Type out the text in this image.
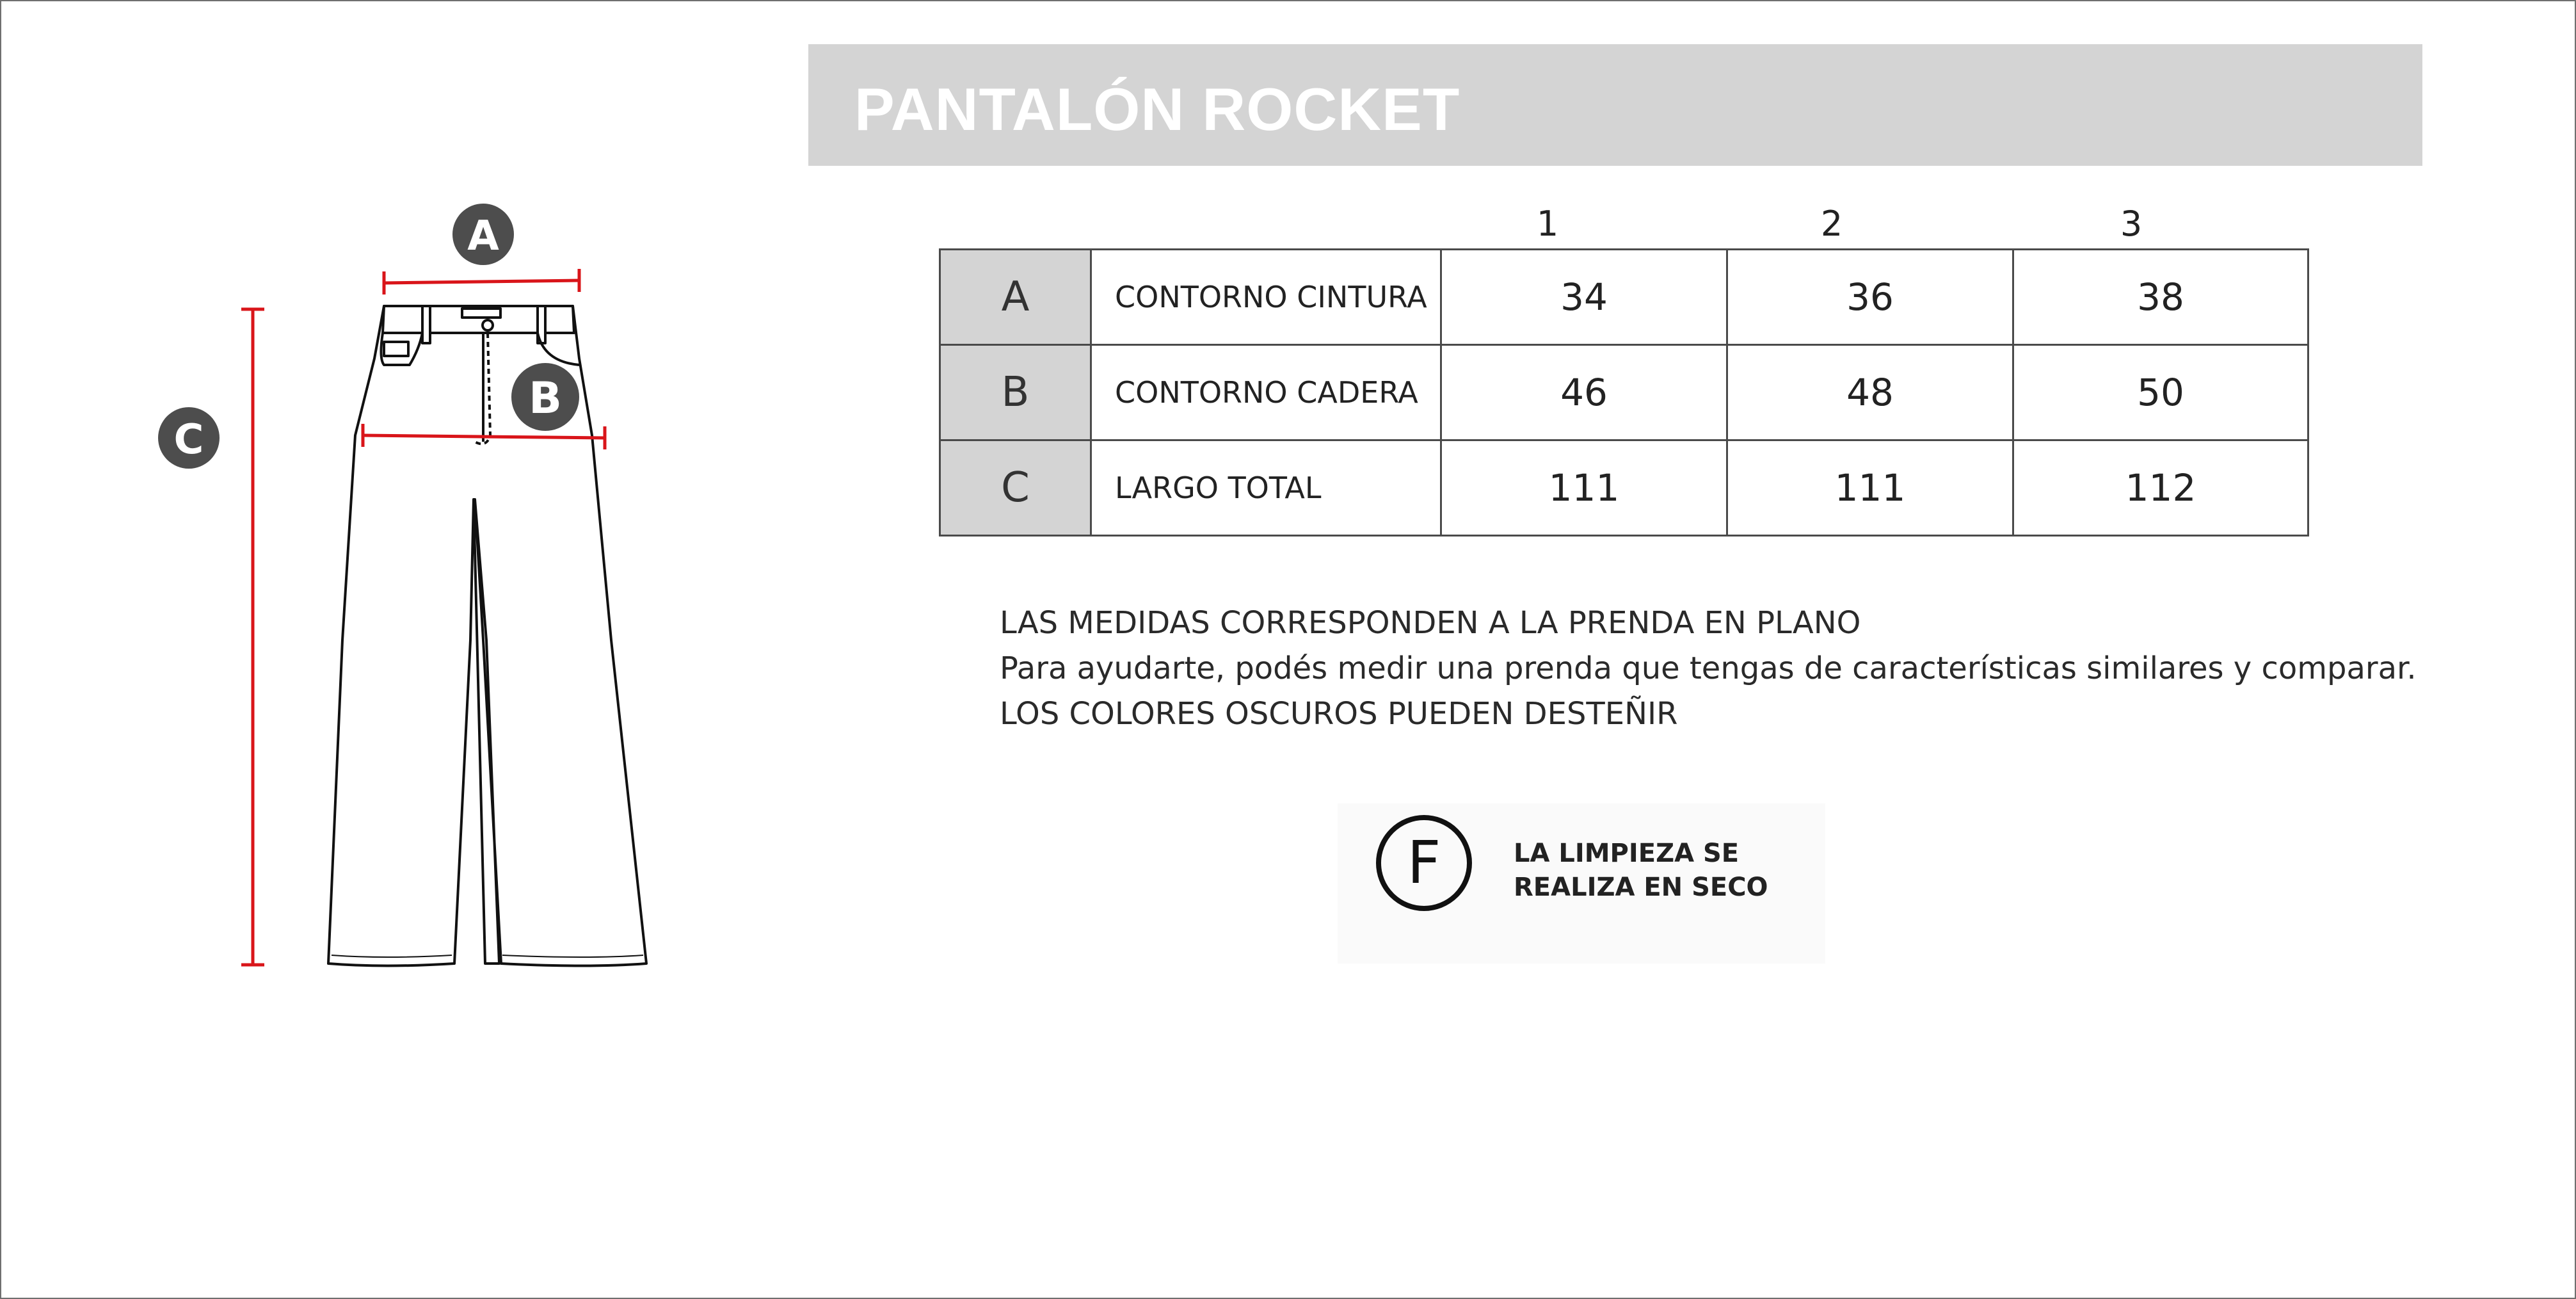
PANTALÓN ROCKET
A
B
C
1	2	3
A	CONTORNO CINTURA	34	36	38
B	CONTORNO CADERA	46	48	50
C	LARGO TOTAL	111	111	112
LAS MEDIDAS CORRESPONDEN A LA PRENDA EN PLANO
Para ayudarte, podés medir una prenda que tengas de características similares y comparar.
LOS COLORES OSCUROS PUEDEN DESTEÑIR
F	LA LIMPIEZA SE
REALIZA EN SECO
